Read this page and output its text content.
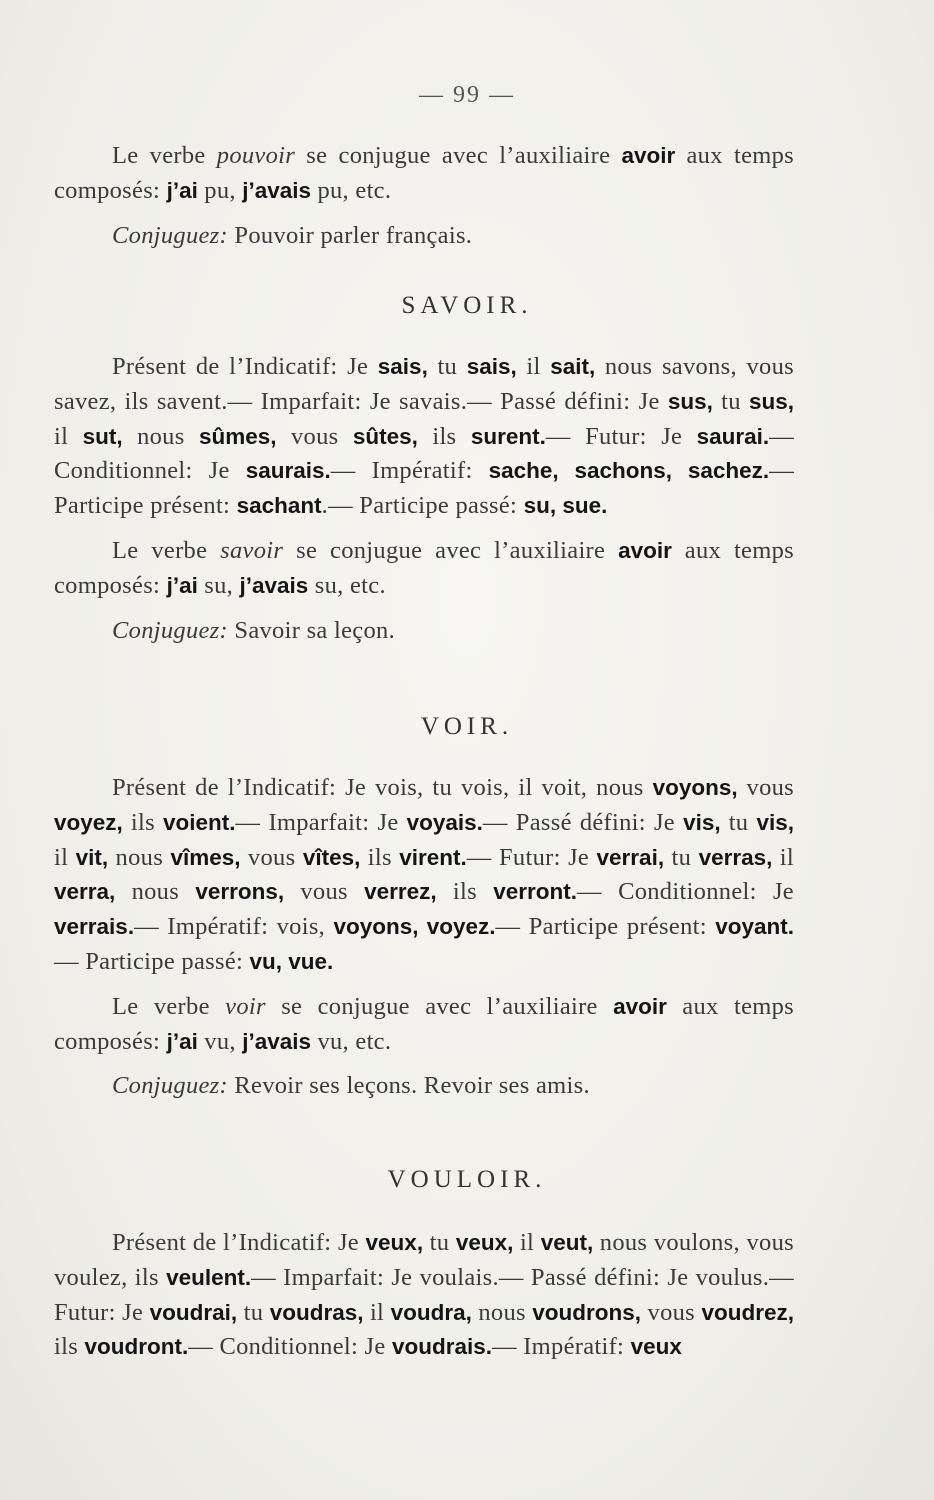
— 99 —

Le verbe pouvoir se conjugue avec l’auxiliaire avoir aux temps composés: j’ai pu, j’avais pu, etc.

Conjuguez: Pouvoir parler français.

SAVOIR.

Présent de l’Indicatif: Je sais, tu sais, il sait, nous savons, vous savez, ils savent.— Imparfait: Je savais.— Passé défini: Je sus, tu sus, il sut, nous sûmes, vous sûtes, ils surent.— Futur: Je saurai.— Conditionnel: Je saurais.— Impératif: sache, sachons, sachez.— Participe présent: sachant.— Participe passé: su, sue.

Le verbe savoir se conjugue avec l’auxiliaire avoir aux temps composés: j’ai su, j’avais su, etc.

Conjuguez: Savoir sa leçon.

VOIR.

Présent de l’Indicatif: Je vois, tu vois, il voit, nous voyons, vous voyez, ils voient.— Imparfait: Je voyais.— Passé défini: Je vis, tu vis, il vit, nous vîmes, vous vîtes, ils virent.— Futur: Je verrai, tu verras, il verra, nous verrons, vous verrez, ils verront.— Conditionnel: Je verrais.— Impératif: vois, voyons, voyez.— Participe présent: voyant.— Participe passé: vu, vue.

Le verbe voir se conjugue avec l’auxiliaire avoir aux temps composés: j’ai vu, j’avais vu, etc.

Conjuguez: Revoir ses leçons. Revoir ses amis.

VOULOIR.

Présent de l’Indicatif: Je veux, tu veux, il veut, nous voulons, vous voulez, ils veulent.— Imparfait: Je voulais.— Passé défini: Je voulus.— Futur: Je voudrai, tu voudras, il voudra, nous voudrons, vous voudrez, ils voudront.— Conditionnel: Je voudrais.— Impératif: veux
